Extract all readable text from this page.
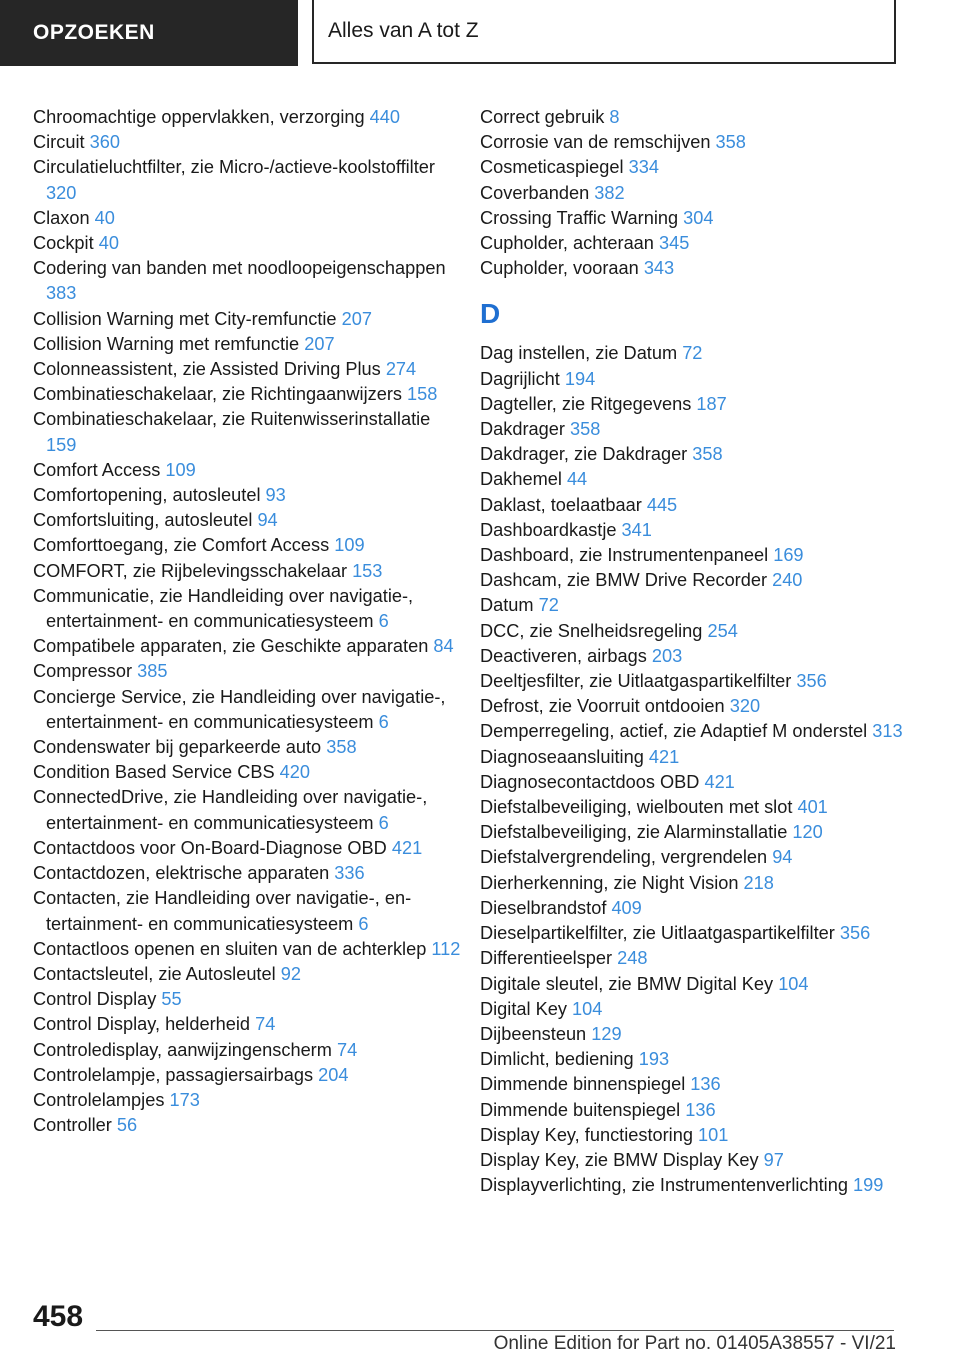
OPZOEKEN	Alles van A tot Z
Chroomachtige oppervlakken, verzorging 440
Circuit 360
Circulatieluchtfilter, zie Micro-/actieve-koolstoffilter 320
Claxon 40
Cockpit 40
Codering van banden met noodloopeigenschappen 383
Collision Warning met City-remfunctie 207
Collision Warning met remfunctie 207
Colonneassistent, zie Assisted Driving Plus 274
Combinatieschakelaar, zie Richtingaanwijzers 158
Combinatieschakelaar, zie Ruitenwisserinstallatie 159
Comfort Access 109
Comfortopening, autosleutel 93
Comfortsluiting, autosleutel 94
Comforttoegang, zie Comfort Access 109
COMFORT, zie Rijbelevingsschakelaar 153
Communicatie, zie Handleiding over navigatie-, entertainment- en communicatiesysteem 6
Compatibele apparaten, zie Geschikte apparaten 84
Compressor 385
Concierge Service, zie Handleiding over navigatie-, entertainment- en communicatiesysteem 6
Condenswater bij geparkeerde auto 358
Condition Based Service CBS 420
ConnectedDrive, zie Handleiding over navigatie-, entertainment- en communicatiesysteem 6
Contactdoos voor On-Board-Diagnose OBD 421
Contactdozen, elektrische apparaten 336
Contacten, zie Handleiding over navigatie-, entertainment- en communicatiesysteem 6
Contactloos openen en sluiten van de achterklep 112
Contactsleutel, zie Autosleutel 92
Control Display 55
Control Display, helderheid 74
Controledisplay, aanwijzingenscherm 74
Controlelampje, passagiersairbags 204
Controlelampjes 173
Controller 56
Correct gebruik 8
Corrosie van de remschijven 358
Cosmeticaspiegel 334
Coverbanden 382
Crossing Traffic Warning 304
Cupholder, achteraan 345
Cupholder, vooraan 343
D
Dag instellen, zie Datum 72
Dagrijlicht 194
Dagteller, zie Ritgegevens 187
Dakdrager 358
Dakdrager, zie Dakdrager 358
Dakhemel 44
Daklast, toelaatbaar 445
Dashboardkastje 341
Dashboard, zie Instrumentenpaneel 169
Dashcam, zie BMW Drive Recorder 240
Datum 72
DCC, zie Snelheidsregeling 254
Deactiveren, airbags 203
Deeltjesfilter, zie Uitlaatgaspartikelfilter 356
Defrost, zie Voorruit ontdooien 320
Demperregeling, actief, zie Adaptief M onderstel 313
Diagnoseaansluiting 421
Diagnosecontactdoos OBD 421
Diefstalbeveiliging, wielbouten met slot 401
Diefstalbeveiliging, zie Alarminstallatie 120
Diefstalvergrendeling, vergrendelen 94
Dierherkenning, zie Night Vision 218
Dieselbrandstof 409
Dieselpartikelfilter, zie Uitlaatgaspartikelfilter 356
Differentieelsper 248
Digitale sleutel, zie BMW Digital Key 104
Digital Key 104
Dijbeensteun 129
Dimlicht, bediening 193
Dimmende binnenspiegel 136
Dimmende buitenspiegel 136
Display Key, functiestoring 101
Display Key, zie BMW Display Key 97
Displayverlichting, zie Instrumentenverlichting 199
458
Online Edition for Part no. 01405A38557 - VI/21
